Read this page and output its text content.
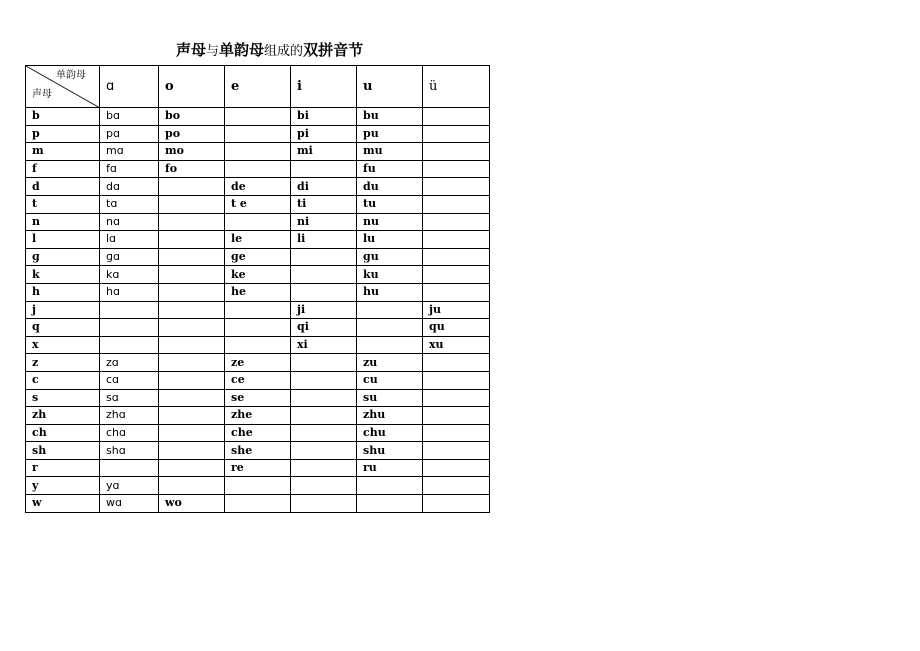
声母与单韵母组成的双拼音节
单韵母
声母	ɑ	o	e	i	u	ü
b	bɑ	bo		bi	bu	
p	pɑ	po		pi	pu	
m	mɑ	mo		mi	mu	
f	fɑ	fo			fu	
d	dɑ		de	di	du	
t	tɑ		t e	ti	tu	
n	nɑ			ni	nu	
l	lɑ		le	li	lu	
ɡ	ɡɑ		ɡe		ɡu	
k	kɑ		ke		ku	
h	hɑ		he		hu	
j				ji		ju
q				qi		qu
x				xi		xu
z	zɑ		ze		zu	
c	cɑ		ce		cu	
s	sɑ		se		su	
zh	zhɑ		zhe		zhu	
ch	chɑ		che		chu	
sh	shɑ		she		shu	
r			re		ru	
y	yɑ					
w	wɑ	wo				
